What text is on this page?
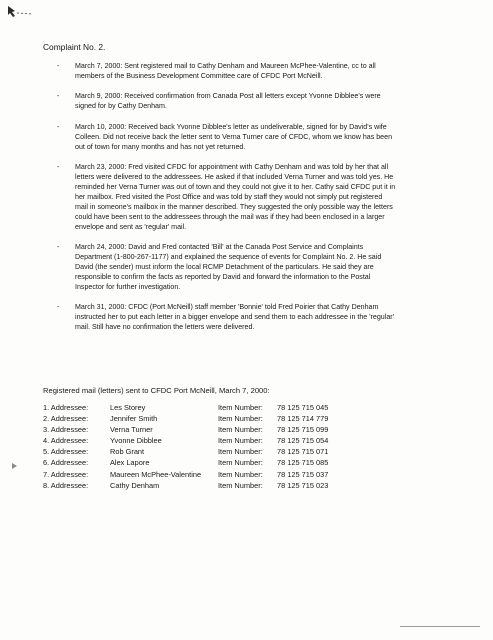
Complaint No. 2.
- March 7, 2000: Sent registered mail to Cathy Denham and Maureen McPhee-Valentine, cc to all members of the Business Development Committee care of CFDC Port McNeill.
- March 9, 2000: Received confirmation from Canada Post all letters except Yvonne Dibblee's were signed for by Cathy Denham.
- March 10, 2000: Received back Yvonne Dibblee's letter as undeliverable, signed for by David's wife Colleen. Did not receive back the letter sent to Verna Turner care of CFDC, whom we know has been out of town for many months and has not yet returned.
- March 23, 2000: Fred visited CFDC for appointment with Cathy Denham and was told by her that all letters were delivered to the addressees. He asked if that included Verna Turner and was told yes. He reminded her Verna Turner was out of town and they could not give it to her. Cathy said CFDC put it in her mailbox. Fred visited the Post Office and was told by staff they would not simply put registered mail in someone's mailbox in the manner described. They suggested the only possible way the letters could have been sent to the addressees through the mail was if they had been enclosed in a larger envelope and sent as 'regular' mail.
- March 24, 2000: David and Fred contacted 'Bill' at the Canada Post Service and Complaints Department (1-800-267-1177) and explained the sequence of events for Complaint No. 2. He said David (the sender) must inform the local RCMP Detachment of the particulars. He said they are responsible to confirm the facts as reported by David and forward the information to the Postal Inspector for further investigation.
- March 31, 2000: CFDC (Port McNeill) staff member 'Bonnie' told Fred Poirier that Cathy Denham instructed her to put each letter in a bigger envelope and send them to each addressee in the 'regular' mail. Still have no confirmation the letters were delivered.
Registered mail (letters) sent to CFDC Port McNeill, March 7, 2000:
1. Addressee:	Les Storey	Item Number:	78 125 715 045
2. Addressee:	Jennifer Smith	Item Number:	78 125 714 779
3. Addressee:	Verna Turner	Item Number:	78 125 715 099
4. Addressee:	Yvonne Dibblee	Item Number:	78 125 715 054
5. Addressee:	Rob Grant	Item Number:	78 125 715 071
6. Addressee:	Alex Lapore	Item Number:	78 125 715 085
7. Addressee:	Maureen McPhee-Valentine	Item Number:	78 125 715 037
8. Addressee:	Cathy Denham	Item Number:	78 125 715 023
